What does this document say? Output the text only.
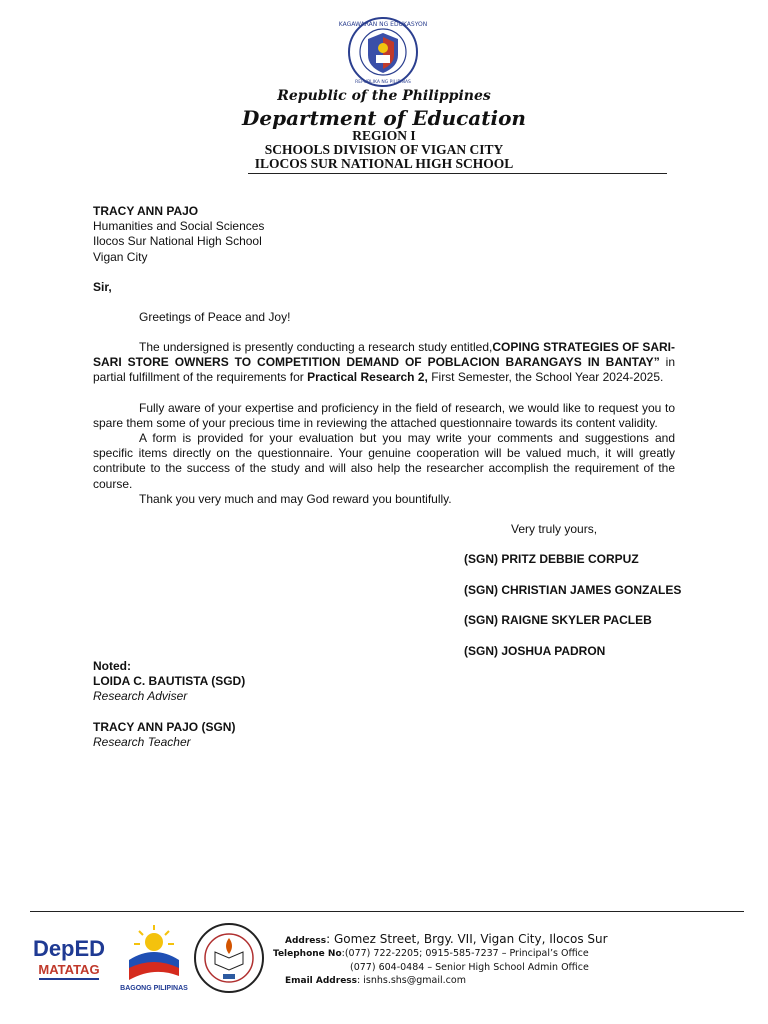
KAGAWARAN NG EDUKASYON
REPUBLIKA NG PILIPINAS
Republic of the Philippines
Department of Education
REGION I
SCHOOLS DIVISION OF VIGAN CITY
ILOCOS SUR NATIONAL HIGH SCHOOL
TRACY ANN PAJO
Humanities and Social Sciences
Ilocos Sur National High School
Vigan City
Sir,
Greetings of Peace and Joy!
The undersigned is presently conducting a research study entitled,COPING STRATEGIES OF SARI-SARI STORE OWNERS TO COMPETITION DEMAND OF POBLACION BARANGAYS IN BANTAY” in partial fulfillment of the requirements for Practical Research 2, First Semester, the School Year 2024-2025.
Fully aware of your expertise and proficiency in the field of research, we would like to request you to spare them some of your precious time in reviewing the attached questionnaire towards its content validity.
A form is provided for your evaluation but you may write your comments and suggestions and specific items directly on the questionnaire. Your genuine cooperation will be valued much, it will greatly contribute to the success of the study and will also help the researcher accomplish the requirement of the course.
Thank you very much and may God reward you bountifully.
Very truly yours,
(SGN) PRITZ DEBBIE CORPUZ
(SGN) CHRISTIAN JAMES GONZALES
(SGN) RAIGNE SKYLER PACLEB
(SGN) JOSHUA PADRON
Noted:
LOIDA C. BAUTISTA (SGD)
Research Adviser
TRACY ANN PAJO (SGN)
Research Teacher
DepED
MATATAG
BAGONG PILIPINAS
Address: Gomez Street, Brgy. VII, Vigan City, Ilocos Sur
Telephone No:(077) 722-2205; 0915-585-7237 – Principal’s Office
(077) 604-0484 – Senior High School Admin Office
Email Address: isnhs.shs@gmail.com
